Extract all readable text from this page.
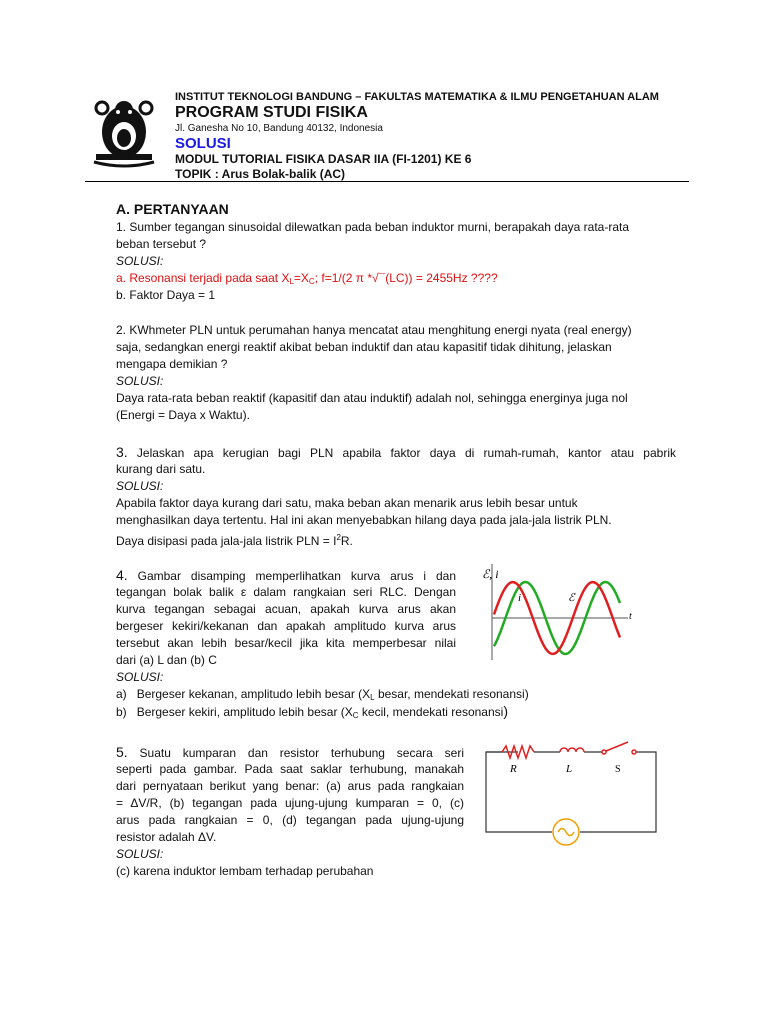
INSTITUT TEKNOLOGI BANDUNG – FAKULTAS MATEMATIKA & ILMU PENGETAHUAN ALAM
PROGRAM STUDI FISIKA
Jl. Ganesha No 10, Bandung 40132, Indonesia
SOLUSI
MODUL TUTORIAL FISIKA DASAR IIA (FI-1201) KE 6
TOPIK : Arus Bolak-balik (AC)
A. PERTANYAAN
1. Sumber tegangan sinusoidal dilewatkan pada beban induktor murni, berapakah daya rata-rata
beban tersebut ?
SOLUSI:
a. Resonansi terjadi pada saat $X_L=X_C$; f=1/(2 π *√¯(LC)) = 2455Hz ????
b. Faktor Daya = 1
2. KWhmeter PLN untuk perumahan hanya mencatat atau menghitung energi nyata (real energy)
saja, sedangkan energi reaktif akibat beban induktif dan atau kapasitif tidak dihitung, jelaskan
mengapa demikian ?
SOLUSI:
Daya rata-rata beban reaktif (kapasitif dan atau induktif) adalah nol, sehingga energinya juga nol
(Energi = Daya x Waktu).
3. Jelaskan apa kerugian bagi PLN apabila faktor daya di rumah-rumah, kantor atau pabrik
kurang dari satu.
SOLUSI:
Apabila faktor daya kurang dari satu, maka beban akan menarik arus lebih besar untuk
menghasilkan daya tertentu. Hal ini akan menyebabkan hilang daya pada jala-jala listrik PLN.
Daya disipasi pada jala-jala listrik PLN = $I^2R$.
4. Gambar disamping memperlihatkan kurva arus i dan
tegangan bolak balik ε dalam rangkaian seri RLC. Dengan
kurva tegangan sebagai acuan, apakah kurva arus akan
bergeser kekiri/kekanan dan apakah amplitudo kurva arus
tersebut akan lebih besar/kecil jika kita memperbesar nilai
dari (a) L dan (b) C
SOLUSI:
a) Bergeser kekanan, amplitudo lebih besar ($X_L$ besar, mendekati resonansi)
b) Bergeser kekiri, amplitudo lebih besar ($X_C$ kecil, mendekati resonansi)
ℰ, i
i	ℰ
t
5. Suatu kumparan dan resistor terhubung secara seri
seperti pada gambar. Pada saat saklar terhubung, manakah
dari pernyataan berikut yang benar: (a) arus pada rangkaian
= ΔV/R, (b) tegangan pada ujung-ujung kumparan = 0, (c)
arus pada rangkaian = 0, (d) tegangan pada ujung-ujung
resistor adalah ΔV.
SOLUSI:
(c) karena induktor lembam terhadap perubahan
R	L	S
